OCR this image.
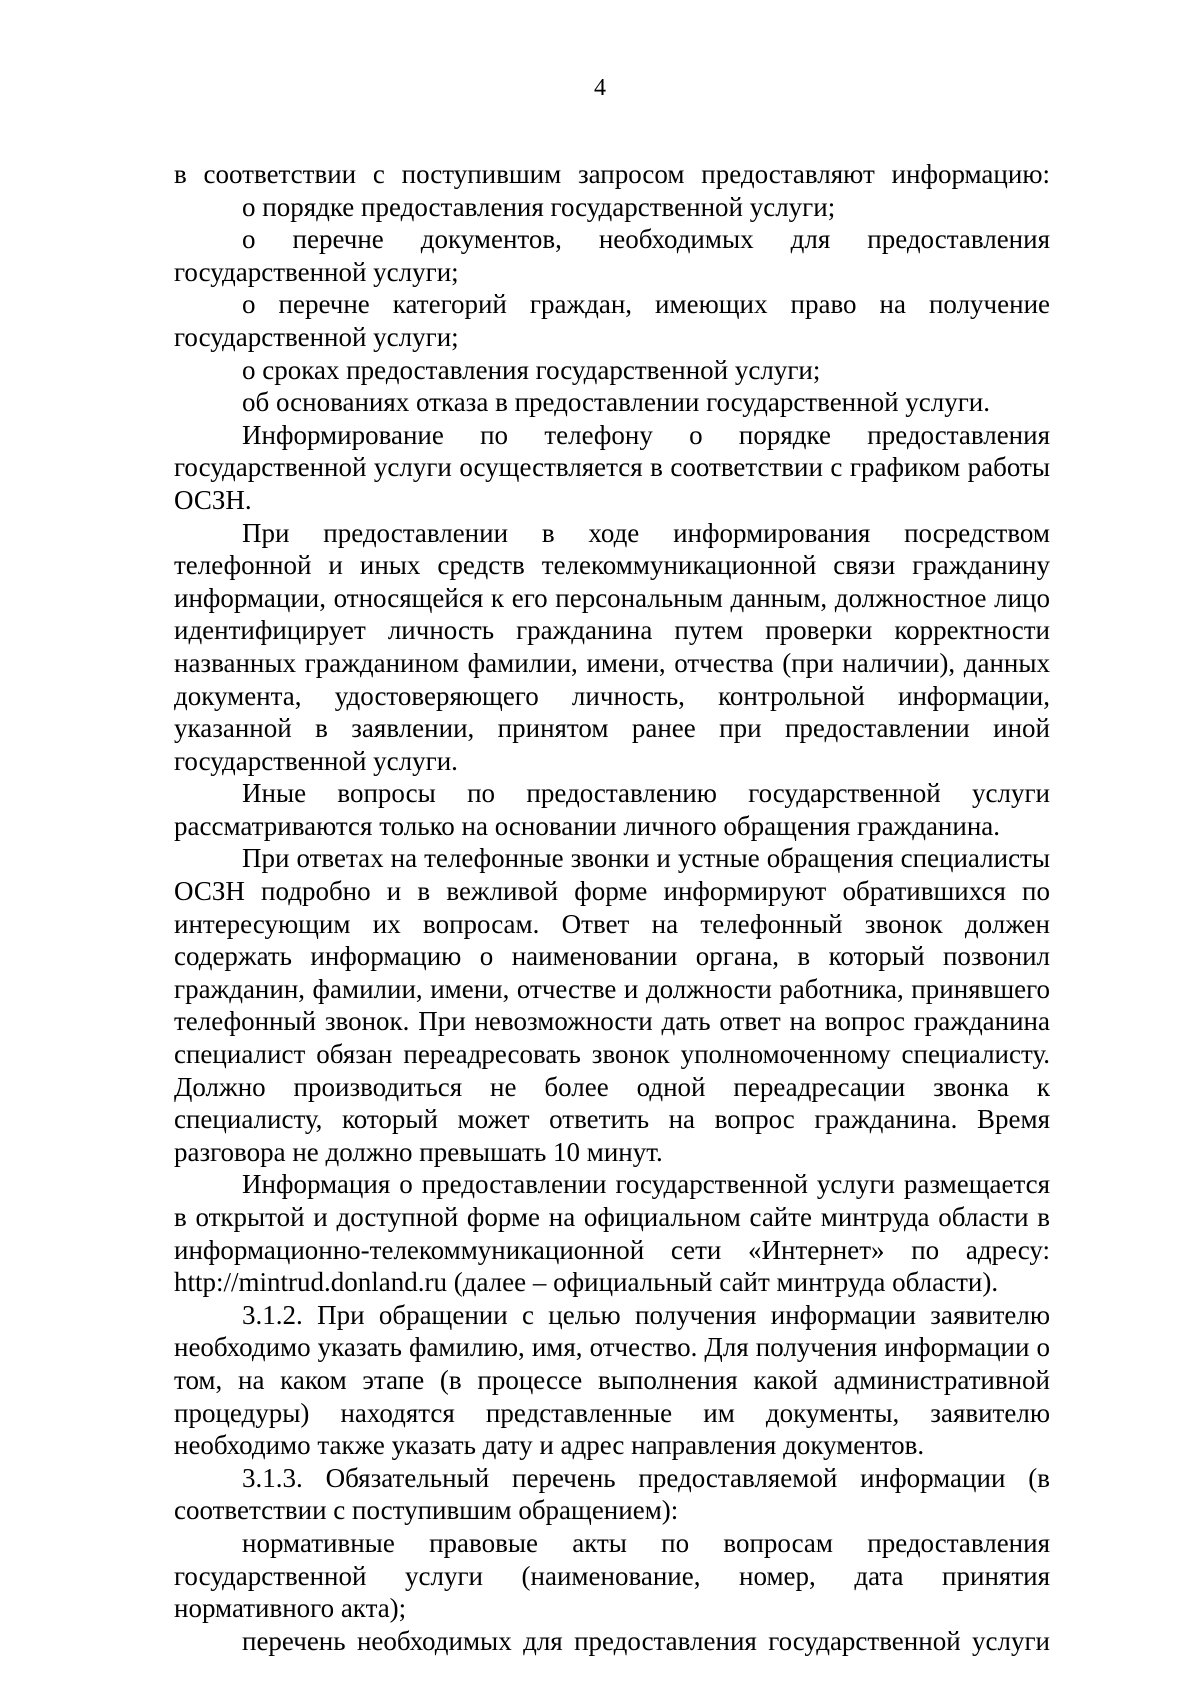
4

в соответствии с поступившим запросом предоставляют информацию:

о порядке предоставления государственной услуги;

о перечне документов, необходимых для предоставления государственной услуги;

о перечне категорий граждан, имеющих право на получение государственной услуги;

о сроках предоставления государственной услуги;

об основаниях отказа в предоставлении государственной услуги.

Информирование по телефону о порядке предоставления государственной услуги осуществляется в соответствии с графиком работы ОСЗН.

При предоставлении в ходе информирования посредством телефонной и иных средств телекоммуникационной связи гражданину информации, относящейся к его персональным данным, должностное лицо идентифицирует личность гражданина путем проверки корректности названных гражданином фамилии, имени, отчества (при наличии), данных документа, удостоверяющего личность, контрольной информации, указанной в заявлении, принятом ранее при предоставлении иной государственной услуги.

Иные вопросы по предоставлению государственной услуги рассматриваются только на основании личного обращения гражданина.

При ответах на телефонные звонки и устные обращения специалисты ОСЗН подробно и в вежливой форме информируют обратившихся по интересующим их вопросам. Ответ на телефонный звонок должен содержать информацию о наименовании органа, в который позвонил гражданин, фамилии, имени, отчестве и должности работника, принявшего телефонный звонок. При невозможности дать ответ на вопрос гражданина специалист обязан переадресовать звонок уполномоченному специалисту. Должно производиться не более одной переадресации звонка к специалисту, который может ответить на вопрос гражданина. Время разговора не должно превышать 10 минут.

Информация о предоставлении государственной услуги размещается в открытой и доступной форме на официальном сайте минтруда области в информационно-телекоммуникационной сети «Интернет» по адресу: http://mintrud.donland.ru (далее – официальный сайт минтруда области).

3.1.2. При обращении с целью получения информации заявителю необходимо указать фамилию, имя, отчество. Для получения информации о том, на каком этапе (в процессе выполнения какой административной процедуры) находятся представленные им документы, заявителю необходимо также указать дату и адрес направления документов.

3.1.3. Обязательный перечень предоставляемой информации (в соответствии с поступившим обращением):

нормативные правовые акты по вопросам предоставления государственной услуги (наименование, номер, дата принятия нормативного акта);

перечень необходимых для предоставления государственной услуги
